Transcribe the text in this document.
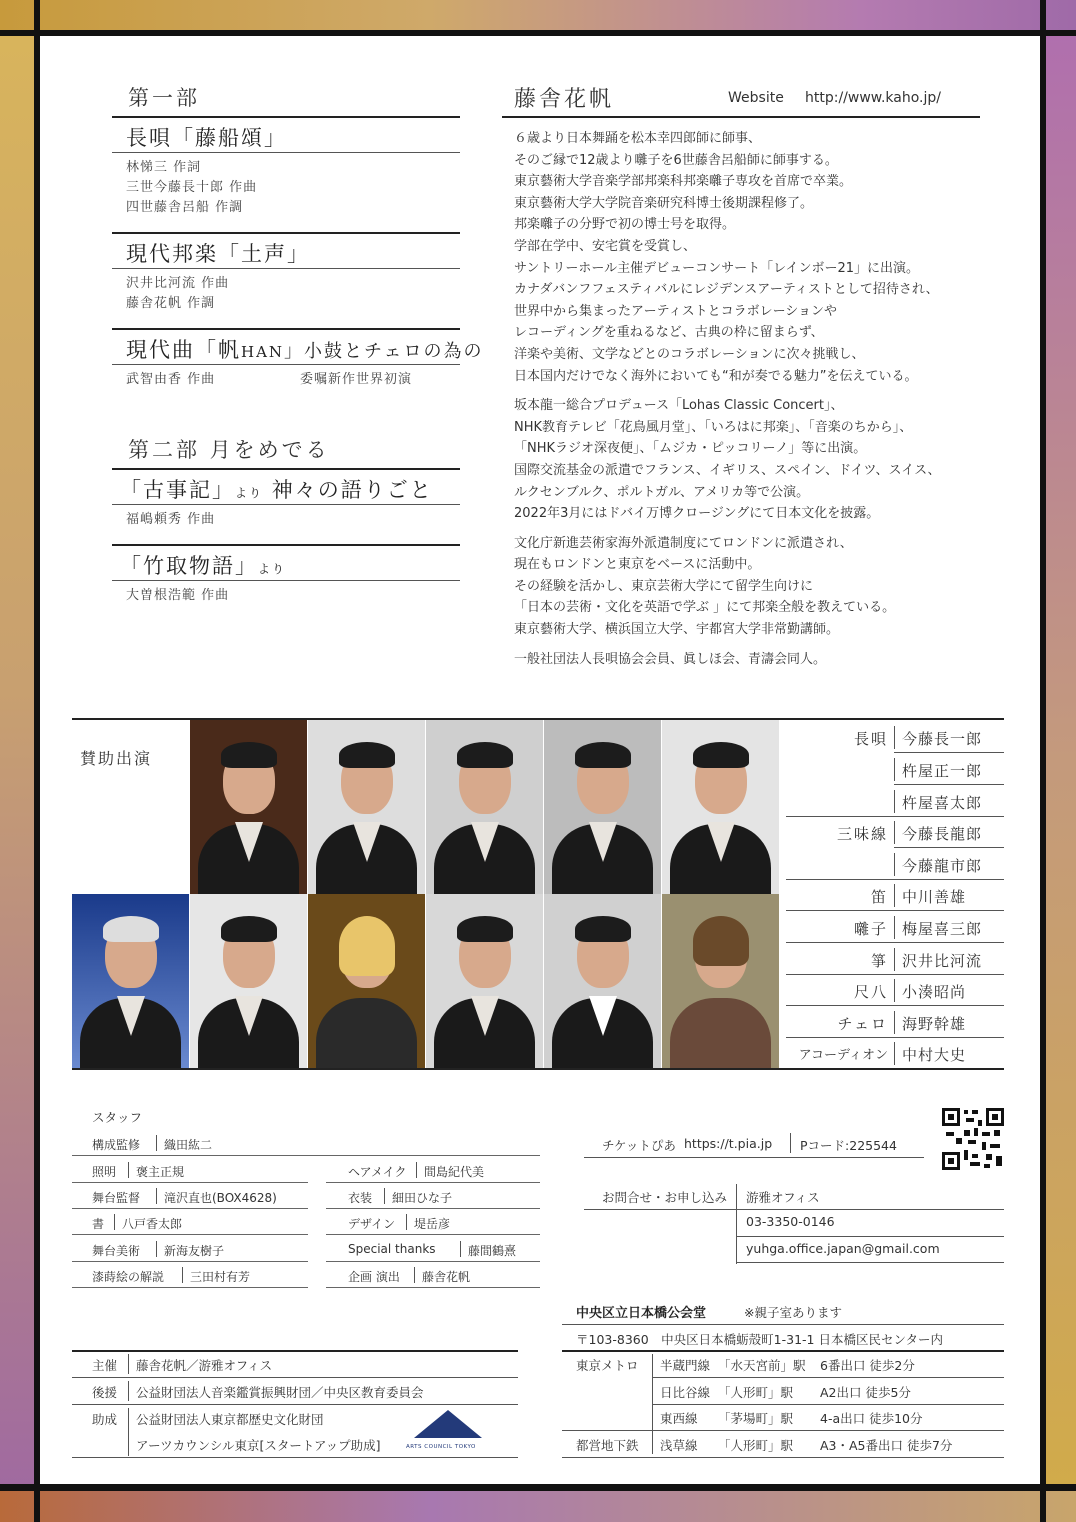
第一部
長唄「藤船頌」
林悌三 作詞
三世今藤長十郎 作曲
四世藤舎呂船 作調
現代邦楽「土声」
沢井比河流 作曲
藤舎花帆 作調
現代曲「帆HAN」小鼓とチェロの為の
武智由香 作曲	委嘱新作世界初演
第二部 月をめでる
「古事記」より 神々の語りごと
福嶋頼秀 作曲
「竹取物語」より
大曽根浩範 作曲
藤舎花帆	Website http://www.kaho.jp/

６歳より日本舞踊を松本幸四郎師に師事、
そのご縁で12歳より囃子を6世藤舎呂船師に師事する。
東京藝術大学音楽学部邦楽科邦楽囃子専攻を首席で卒業。
東京藝術大学大学院音楽研究科博士後期課程修了。
邦楽囃子の分野で初の博士号を取得。
学部在学中、安宅賞を受賞し、
サントリーホール主催デビューコンサート「レインボー21」に出演。
カナダバンフフェスティバルにレジデンスアーティストとして招待され、
世界中から集まったアーティストとコラボレーションや
レコーディングを重ねるなど、古典の枠に留まらず、
洋楽や美術、文学などとのコラボレーションに次々挑戦し、
日本国内だけでなく海外においても“和が奏でる魅力”を伝えている。

坂本龍一総合プロデュース「Lohas Classic Concert」、
NHK教育テレビ「花鳥風月堂」、「いろはに邦楽」、「音楽のちから」、
「NHKラジオ深夜便」、「ムジカ・ピッコリーノ」等に出演。
国際交流基金の派遣でフランス、イギリス、スペイン、ドイツ、スイス、
ルクセンブルク、ポルトガル、アメリカ等で公演。
2022年3月にはドバイ万博クロージングにて日本文化を披露。

文化庁新進芸術家海外派遣制度にてロンドンに派遣され、
現在もロンドンと東京をベースに活動中。
その経験を活かし、東京芸術大学にて留学生向けに
「日本の芸術・文化を英語で学ぶ 」にて邦楽全般を教えている。
東京藝術大学、横浜国立大学、宇都宮大学非常勤講師。

一般社団法人長唄協会会員、眞しほ会、青濤会同人。

賛助出演
長唄 今藤長一郎
杵屋正一郎
杵屋喜太郎
三味線 今藤長龍郎
今藤龍市郎
笛 中川善雄
囃子 梅屋喜三郎
箏 沢井比河流
尺八 小湊昭尚
チェロ 海野幹雄
アコーディオン 中村大史
スタッフ
構成監修 織田紘二
照明 褒主正規
舞台監督 滝沢直也(BOX4628)
書 八戸香太郎
舞台美術 新海友樹子
漆蒔絵の解説 三田村有芳
ヘアメイク 間島紀代美
衣装 細田ひな子
デザイン 堤岳彦
Special thanks	藤間鶴熹
企画 演出 藤舎花帆
チケットぴあ https://t.pia.jp Pコード:225544
お問合せ・お申し込み 游雅オフィス
03-3350-0146
yuhga.office.japan@gmail.com
中央区立日本橋公会堂	※親子室あります
〒103-8360　中央区日本橋蛎殻町1-31-1 日本橋区民センター内
東京メトロ 半蔵門線 「水天宮前」駅 6番出口 徒歩2分
日比谷線 「人形町」駅 A2出口 徒歩5分
東西線 「茅場町」駅 4-a出口 徒歩10分
都営地下鉄 浅草線 「人形町」駅 A3・A5番出口 徒歩7分
主催 藤舎花帆／游雅オフィス
後援 公益財団法人音楽鑑賞振興財団／中央区教育委員会
助成 公益財団法人東京都歴史文化財団
アーツカウンシル東京[スタートアップ助成]	ARTS COUNCIL TOKYO
